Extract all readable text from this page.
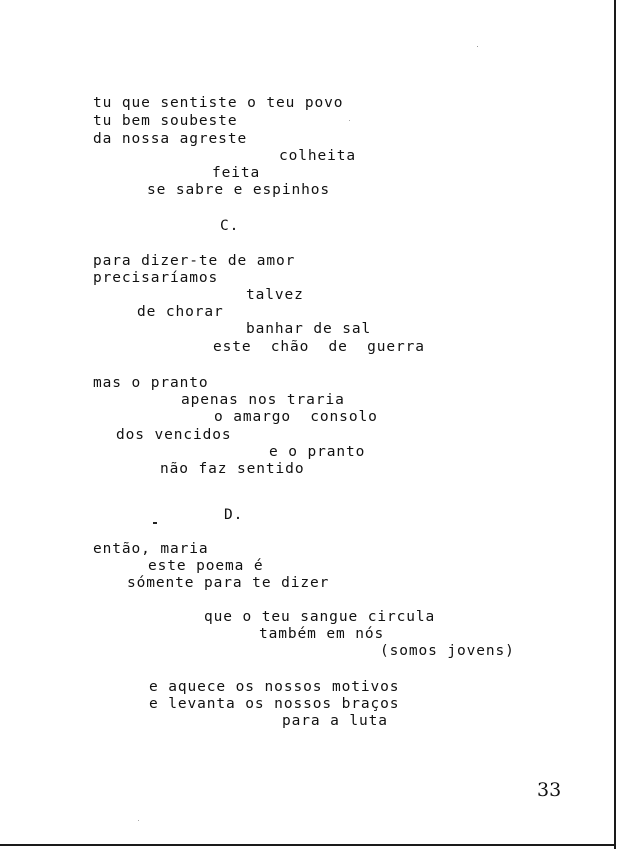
tu que sentiste o teu povo
tu bem soubeste
da nossa agreste
colheita
feita
se sabre e espinhos
C.
para dizer-te de amor
precisaríamos
talvez
de chorar
banhar de sal
este  chão  de  guerra
mas o pranto
apenas nos traria
o amargo  consolo
dos vencidos
e o pranto
não faz sentido
D.
então, maria
este poema é
sómente para te dizer
que o teu sangue circula
também em nós
(somos jovens)
e aquece os nossos motivos
e levanta os nossos braços
para a luta
33
